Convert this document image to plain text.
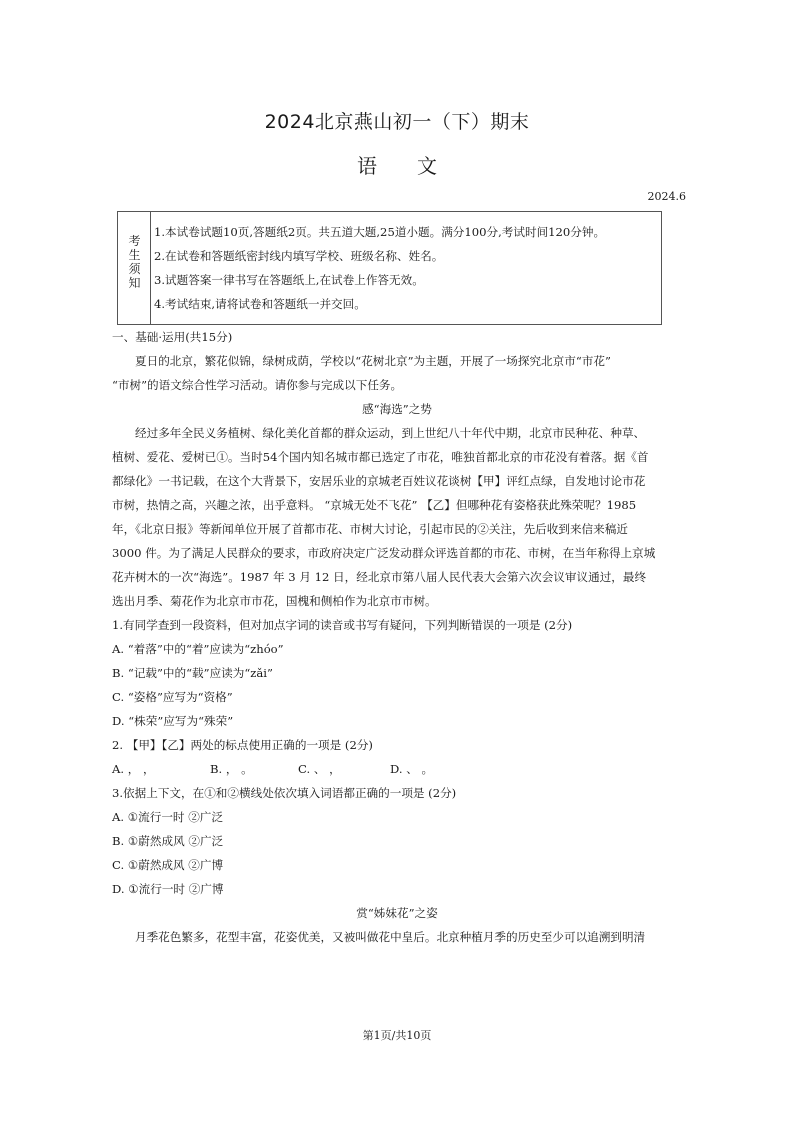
2024北京燕山初一（下）期末
语 文
2024.6
考生须知
1.本试卷试题10页,答题纸2页。共五道大题,25道小题。满分100分,考试时间120分钟。
2.在试卷和答题纸密封线内填写学校、班级名称、姓名。
3.试题答案一律书写在答题纸上,在试卷上作答无效。
4.考试结束,请将试卷和答题纸一并交回。
一、基础·运用(共15分)
夏日的北京，繁花似锦，绿树成荫，学校以“花树北京”为主题，开展了一场探究北京市“市花”
“市树”的语文综合性学习活动。请你参与完成以下任务。
感“海选”之势
经过多年全民义务植树、绿化美化首都的群众运动，到上世纪八十年代中期，北京市民种花、种草、
植树、爱花、爱树已①。当时54个国内知名城市都已选定了市花，唯独首都北京的市花没有着落。据《首
都绿化》一书记载，在这个大背景下，安居乐业的京城老百姓议花谈树【甲】评红点绿，自发地讨论市花
市树，热情之高，兴趣之浓，出乎意料。 “京城无处不飞花” 【乙】但哪种花有姿格获此殊荣呢？1985
年，《北京日报》等新闻单位开展了首都市花、市树大讨论，引起市民的②关注，先后收到来信来稿近
3000 件。为了满足人民群众的要求，市政府决定广泛发动群众评选首都的市花、市树，在当年称得上京城
花卉树木的一次“海选”。1987 年 3 月 12 日，经北京市第八届人民代表大会第六次会议审议通过，最终
选出月季、菊花作为北京市市花，国槐和侧柏作为北京市市树。
1.有同学查到一段资料，但对加点字词的读音或书写有疑问，下列判断错误的一项是 (2分)
A. “着落”中的“着”应读为“zhóo”
B. “记载”中的“载”应读为“zǎi”
C. “姿格”应写为“资格”
D. “株荣”应写为“殊荣”
2. 【甲】【乙】两处的标点使用正确的一项是 (2分)
A. ， ，	B. ， 。	C. 、 ，	D. 、 。
3.依据上下文，在①和②横线处依次填入词语都正确的一项是 (2分)
A. ①流行一时 ②广泛
B. ①蔚然成风 ②广泛
C. ①蔚然成风 ②广博
D. ①流行一时 ②广博
赏“姊妹花”之姿
月季花色繁多，花型丰富，花姿优美，又被叫做花中皇后。北京种植月季的历史至少可以追溯到明清
第1页/共10页
